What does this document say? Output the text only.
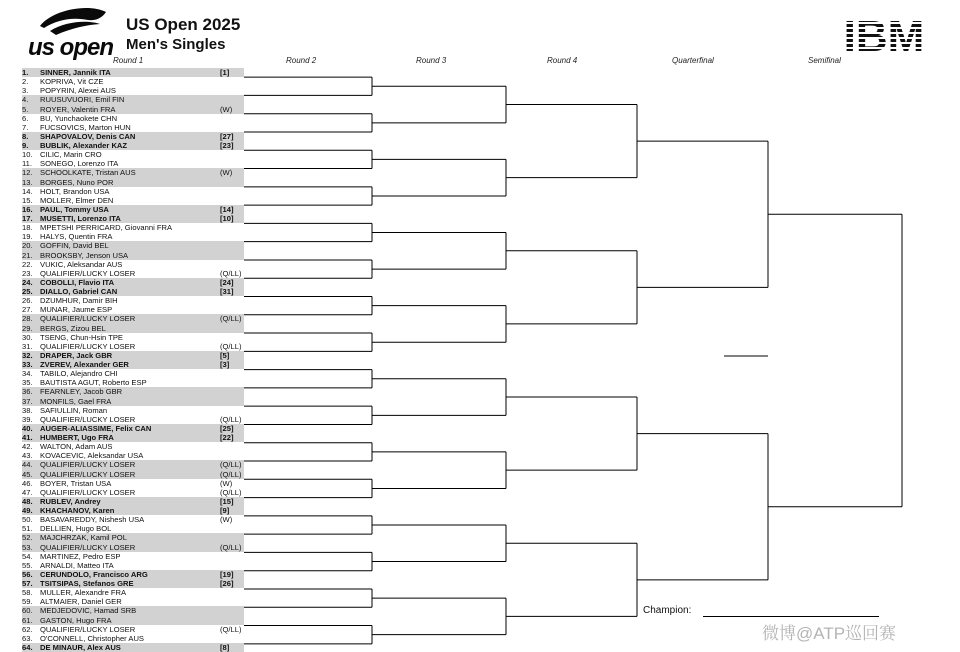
us open
US Open 2025
Men's Singles	IBM
Round 1	Round 2	Round 3	Round 4	Quarterfinal	Semifinal
1.	SINNER, Jannik ITA	[1]
2.	KOPRIVA, Vit CZE
3.	POPYRIN, Alexei AUS
4.	RUUSUVUORI, Emil FIN
5.	ROYER, Valentin FRA	(W)
6.	BU, Yunchaokete CHN
7.	FUCSOVICS, Marton HUN
8.	SHAPOVALOV, Denis CAN	[27]
9.	BUBLIK, Alexander KAZ	[23]
10. CILIC, Marin CRO
11.	SONEGO, Lorenzo ITA
12. SCHOOLKATE, Tristan AUS	(W)
13. BORGES, Nuno POR
14. HOLT, Brandon USA
15. MOLLER, Elmer DEN
16. PAUL, Tommy USA	[14]
17. MUSETTI, Lorenzo ITA	[10]
18. MPETSHI PERRICARD, Giovanni FRA
19. HALYS, Quentin FRA
20. GOFFIN, David BEL
21. BROOKSBY, Jenson USA
22. VUKIC, Aleksandar AUS
23. QUALIFIER/LUCKY LOSER	(Q/LL)
24. COBOLLI, Flavio ITA	[24]
25. DIALLO, Gabriel CAN	[31]
26. DZUMHUR, Damir BIH
27. MUNAR, Jaume ESP
28. QUALIFIER/LUCKY LOSER	(Q/LL)
29. BERGS, Zizou BEL
30. TSENG, Chun-Hsin TPE
31. QUALIFIER/LUCKY LOSER	(Q/LL)
32. DRAPER, Jack GBR	[5]
33. ZVEREV, Alexander GER	[3]
34. TABILO, Alejandro CHI
35. BAUTISTA AGUT, Roberto ESP
36. FEARNLEY, Jacob GBR
37. MONFILS, Gael FRA
38. SAFIULLIN, Roman
39. QUALIFIER/LUCKY LOSER	(Q/LL)
40. AUGER-ALIASSIME, Felix CAN	[25]
41. HUMBERT, Ugo FRA	[22]
42. WALTON, Adam AUS
43. KOVACEVIC, Aleksandar USA
44. QUALIFIER/LUCKY LOSER	(Q/LL)
45. QUALIFIER/LUCKY LOSER	(Q/LL)
46. BOYER, Tristan USA	(W)
47. QUALIFIER/LUCKY LOSER	(Q/LL)
48. RUBLEV, Andrey	[15]
49. KHACHANOV, Karen	[9]
50. BASAVAREDDY, Nishesh USA	(W)
51. DELLIEN, Hugo BOL
52. MAJCHRZAK, Kamil POL
53. QUALIFIER/LUCKY LOSER	(Q/LL)
54. MARTINEZ, Pedro ESP
55. ARNALDI, Matteo ITA
56. CERUNDOLO, Francisco ARG	[19]
57. TSITSIPAS, Stefanos GRE	[26]
58. MULLER, Alexandre FRA
59. ALTMAIER, Daniel GER
60. MEDJEDOVIC, Hamad SRB
61. GASTON, Hugo FRA
62. QUALIFIER/LUCKY LOSER	(Q/LL)
63. O'CONNELL, Christopher AUS
64. DE MINAUR, Alex AUS	[8]
Champion:
微博@ATP巡回赛
